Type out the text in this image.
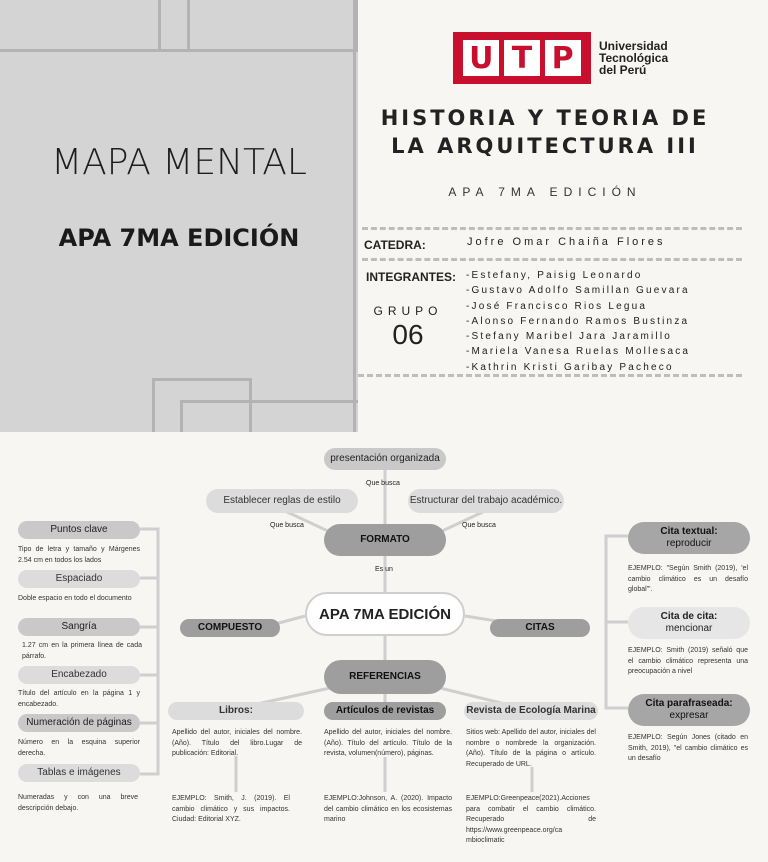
MAPA MENTAL
APA 7MA EDICIÓN
U T P	Universidad
Tecnológica
del Perú
HISTORIA Y TEORIA DE
LA ARQUITECTURA III
APA 7MA EDICIÓN
CATEDRA:	Jofre Omar Chaiña Flores
INTEGRANTES:
GRUPO
06
-Estefany, Paisig Leonardo
-Gustavo Adolfo Samillan Guevara
-José Francisco Rios Legua
-Alonso Fernando Ramos Bustinza
-Stefany Maribel Jara Jaramillo
-Mariela Vanesa Ruelas Mollesaca
-Kathrin Kristi Garibay Pacheco
presentación organizada
Que busca
Establecer reglas de estilo	Estructurar del trabajo académico.
Que busca	Que busca
FORMATO
Es un
APA 7MA EDICIÓN
COMPUESTO	CITAS
REFERENCIAS
Puntos clave
Tipo de letra y tamaño y Márgenes 2.54 cm en todos los lados
Espaciado
Doble espacio en todo el documento
Sangría
1.27 cm en la primera línea de cada párrafo.
Encabezado
Título del artículo en la página 1 y encabezado.
Numeración de páginas
Número en la esquina superior derecha.
Tablas e imágenes
Numeradas y con una breve descripción debajo.
Cita textual:
reproducir
EJEMPLO: "Según Smith (2019), 'el cambio climático es un desafío global'".
Cita de cita:
mencionar
EJEMPLO: Smith (2019) señaló que el cambio climático representa una preocupación a nivel
Cita parafraseada:
expresar
EJEMPLO: Según Jones (citado en Smith, 2019), "el cambio climático es un desafío
Libros:
Apellido del autor, iniciales del nombre.(Año). Título del libro.Lugar de publicación: Editorial.
EJEMPLO: Smith, J. (2019). El cambio climático y sus impactos. Ciudad: Editorial XYZ.
Artículos de revistas
Apellido del autor, iniciales del nombre. (Año). Título del artículo. Título de la revista, volumen(número), páginas.
EJEMPLO:Johnson, A. (2020). Impacto del cambio climático en los ecosistemas marino
Revista de Ecología Marina
Sitios web: Apellido del autor, iniciales del nombre o nombrede la organización. (Año). Título de la página o artículo. Recuperado de URL.
EJEMPLO:Greenpeace(2021).Acciones para combatir el cambio climático. Recuperado de https://www.greenpeace.org/ca mbioclimatic
